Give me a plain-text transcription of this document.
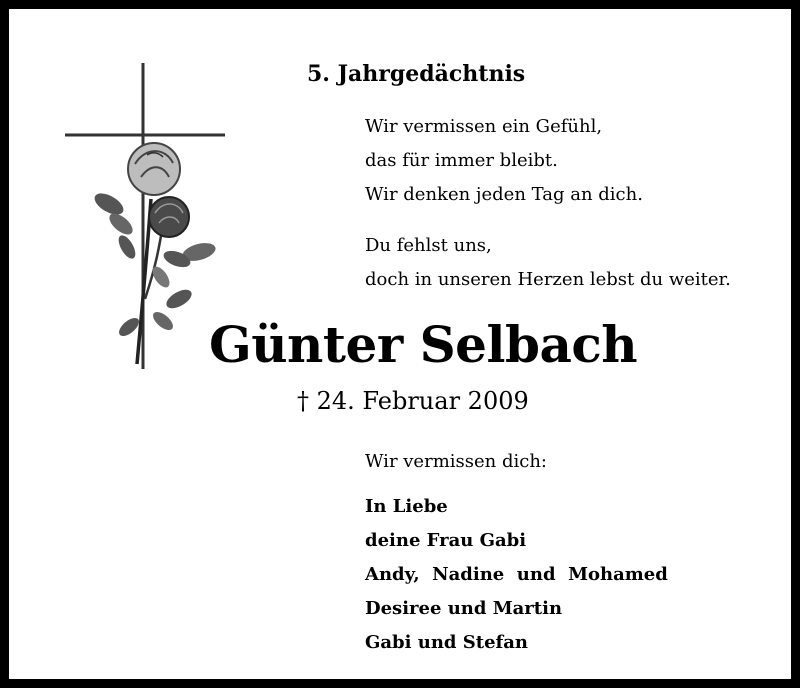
5. Jahrgedächtnis
Wir vermissen ein Gefühl,
das für immer bleibt.
Wir denken jeden Tag an dich.
Du fehlst uns,
doch in unseren Herzen lebst du weiter.
Günter Selbach
† 24. Februar 2009
Wir vermissen dich:
In Liebe
deine Frau Gabi
Andy,  Nadine  und  Mohamed
Desiree und Martin
Gabi und Stefan
